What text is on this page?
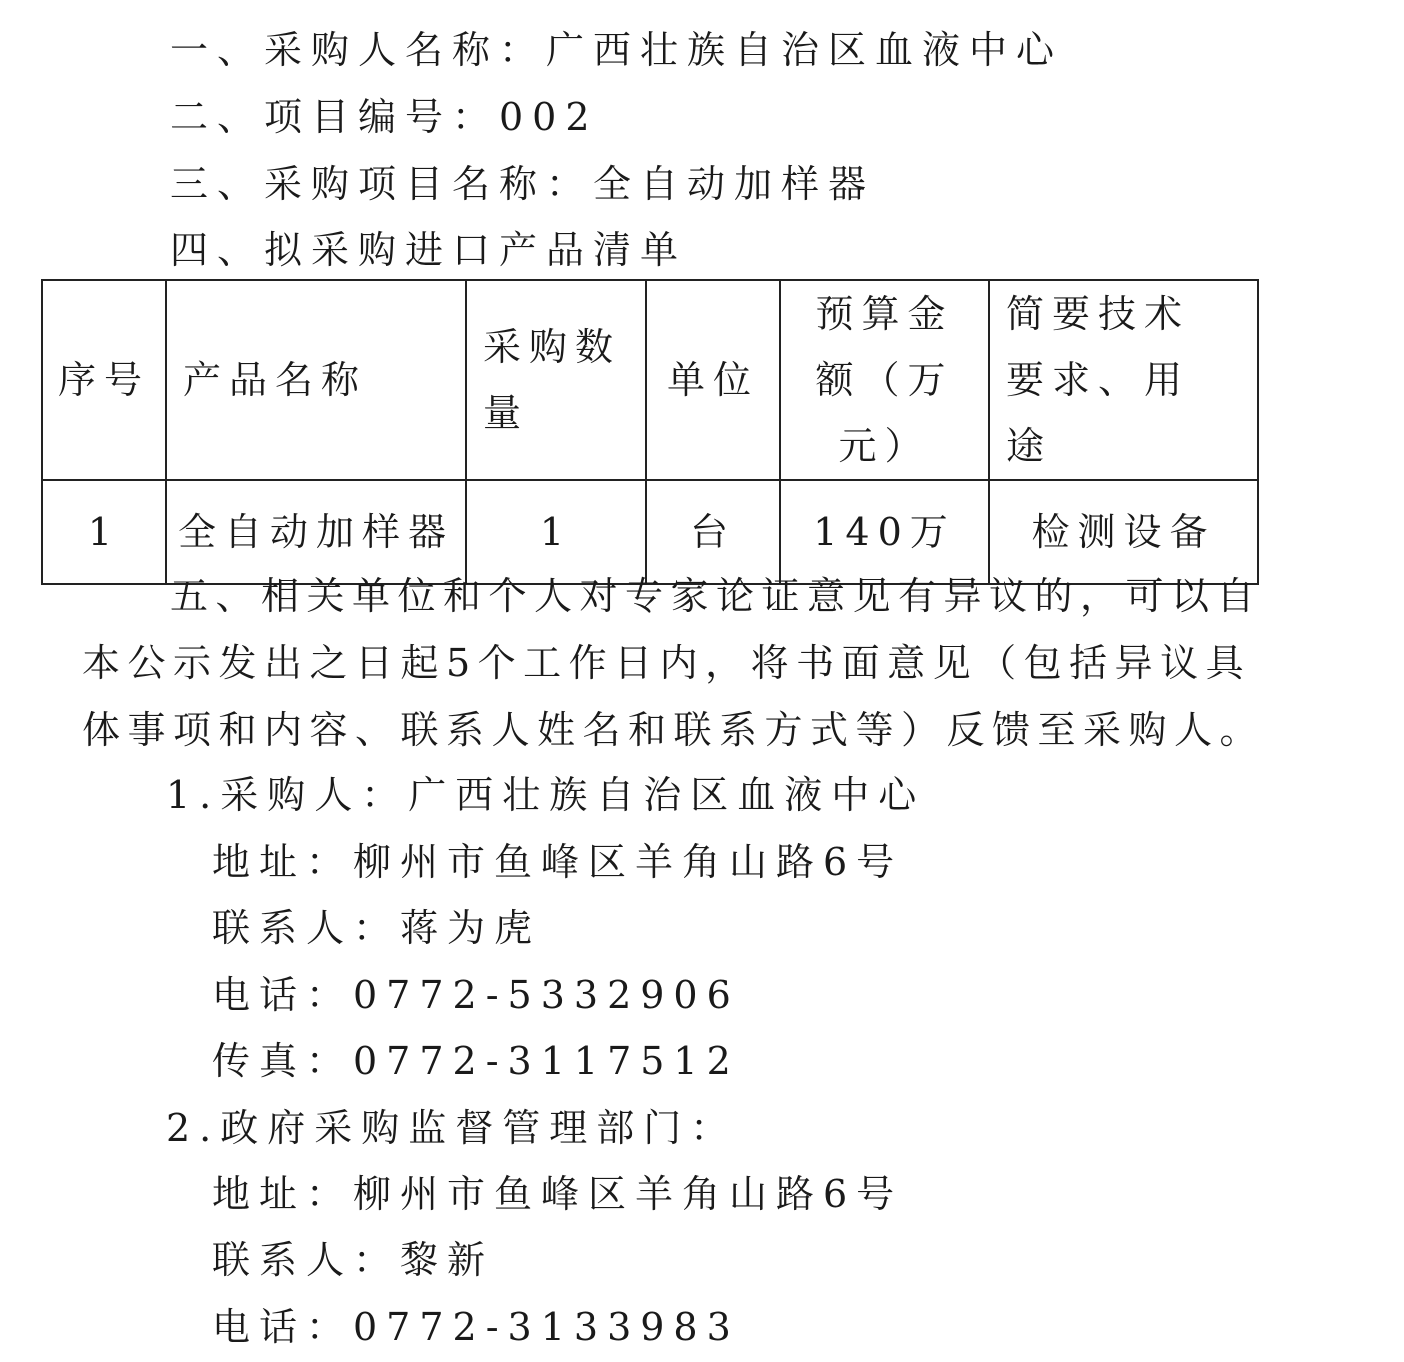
一、采购人名称：广西壮族自治区血液中心

二、项目编号：002

三、采购项目名称：全自动加样器

四、拟采购进口产品清单

序号	产品名称	采购数量	单位	预算金额（万元）	简要技术要求、用途
1	全自动加样器	1	台	140万	检测设备

五、相关单位和个人对专家论证意见有异议的，可以自

本公示发出之日起5个工作日内，将书面意见（包括异议具

体事项和内容、联系人姓名和联系方式等）反馈至采购人。

1.采购人：广西壮族自治区血液中心

地址：柳州市鱼峰区羊角山路6号

联系人：蒋为虎

电话：0772-5332906

传真：0772-3117512

2.政府采购监督管理部门：

地址：柳州市鱼峰区羊角山路6号

联系人：黎新

电话：0772-3133983
